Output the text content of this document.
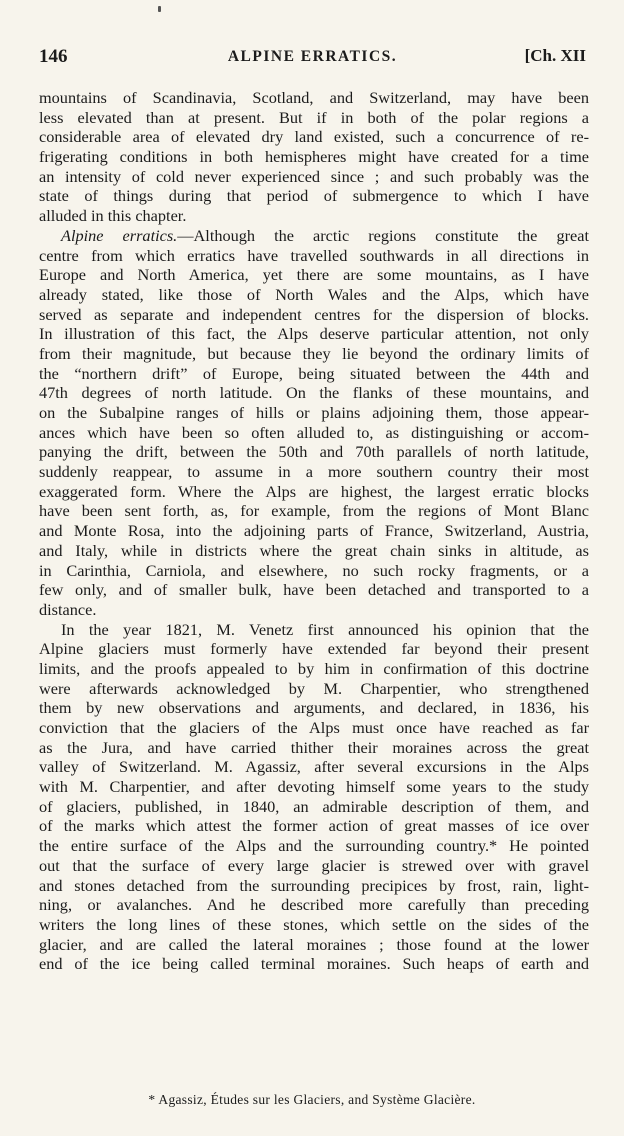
146	ALPINE ERRATICS.	[Ch. XII
mountains of Scandinavia, Scotland, and Switzerland, may have been
less elevated than at present. But if in both of the polar regions a
considerable area of elevated dry land existed, such a concurrence of re-
frigerating conditions in both hemispheres might have created for a time
an intensity of cold never experienced since ; and such probably was the
state of things during that period of submergence to which I have
alluded in this chapter.
Alpine erratics.—Although the arctic regions constitute the great
centre from which erratics have travelled southwards in all directions in
Europe and North America, yet there are some mountains, as I have
already stated, like those of North Wales and the Alps, which have
served as separate and independent centres for the dispersion of blocks.
In illustration of this fact, the Alps deserve particular attention, not only
from their magnitude, but because they lie beyond the ordinary limits of
the “northern drift” of Europe, being situated between the 44th and
47th degrees of north latitude. On the flanks of these mountains, and
on the Subalpine ranges of hills or plains adjoining them, those appear-
ances which have been so often alluded to, as distinguishing or accom-
panying the drift, between the 50th and 70th parallels of north latitude,
suddenly reappear, to assume in a more southern country their most
exaggerated form. Where the Alps are highest, the largest erratic blocks
have been sent forth, as, for example, from the regions of Mont Blanc
and Monte Rosa, into the adjoining parts of France, Switzerland, Austria,
and Italy, while in districts where the great chain sinks in altitude, as
in Carinthia, Carniola, and elsewhere, no such rocky fragments, or a
few only, and of smaller bulk, have been detached and transported to a
distance.
In the year 1821, M. Venetz first announced his opinion that the
Alpine glaciers must formerly have extended far beyond their present
limits, and the proofs appealed to by him in confirmation of this doctrine
were afterwards acknowledged by M. Charpentier, who strengthened
them by new observations and arguments, and declared, in 1836, his
conviction that the glaciers of the Alps must once have reached as far
as the Jura, and have carried thither their moraines across the great
valley of Switzerland. M. Agassiz, after several excursions in the Alps
with M. Charpentier, and after devoting himself some years to the study
of glaciers, published, in 1840, an admirable description of them, and
of the marks which attest the former action of great masses of ice over
the entire surface of the Alps and the surrounding country.* He pointed
out that the surface of every large glacier is strewed over with gravel
and stones detached from the surrounding precipices by frost, rain, light-
ning, or avalanches. And he described more carefully than preceding
writers the long lines of these stones, which settle on the sides of the
glacier, and are called the lateral moraines ; those found at the lower
end of the ice being called terminal moraines. Such heaps of earth and
* Agassiz, Études sur les Glaciers, and Système Glacière.
